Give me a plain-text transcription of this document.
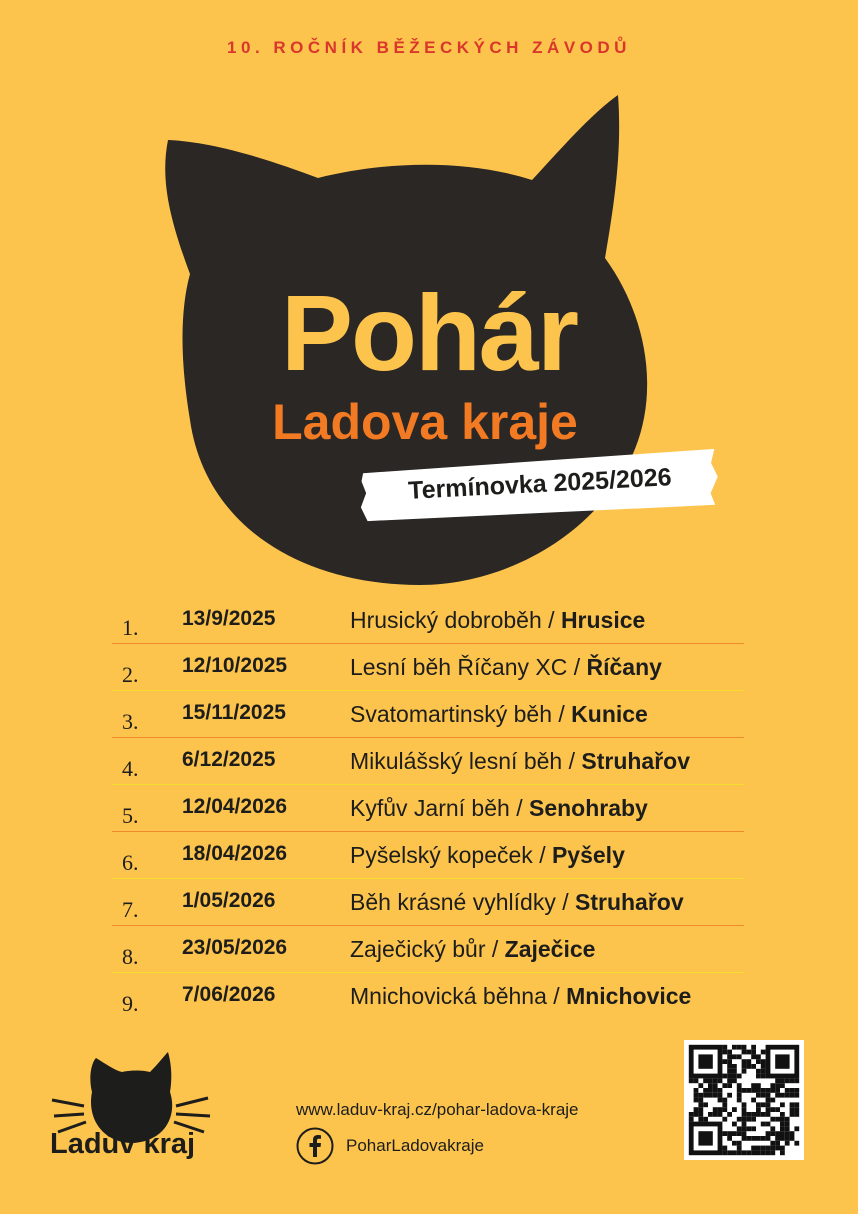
10. ROČNÍK BĚŽECKÝCH ZÁVODŮ
Pohár
Ladova kraje
Termínovka 2025/2026
1. 13/9/2025	Hrusický dobroběh / Hrusice
2. 12/10/2025	Lesní běh Říčany XC / Říčany
3. 15/11/2025	Svatomartinský běh / Kunice
4. 6/12/2025	Mikulášský lesní běh / Struhařov
5. 12/04/2026	Kyfův Jarní běh / Senohraby
6. 18/04/2026	Pyšelský kopeček / Pyšely
7. 1/05/2026	Běh krásné vyhlídky / Struhařov
8. 23/05/2026	Zaječický bůr / Zaječice
9. 7/06/2026	Mnichovická běhna / Mnichovice
Ladův kraj
www.laduv-kraj.cz/pohar-ladova-kraje
PoharLadovakraje
